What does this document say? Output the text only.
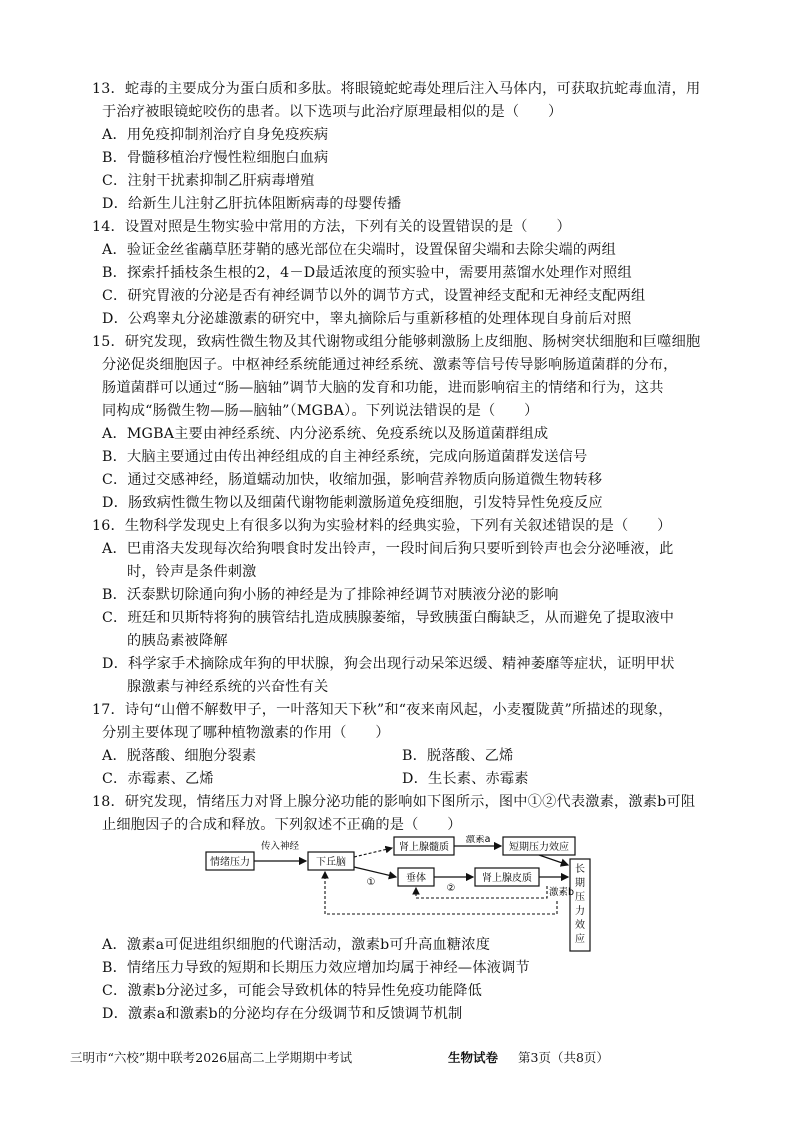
13．蛇毒的主要成分为蛋白质和多肽。将眼镜蛇蛇毒处理后注入马体内，可获取抗蛇毒血清，用
于治疗被眼镜蛇咬伤的患者。以下选项与此治疗原理最相似的是（　　）
A．用免疫抑制剂治疗自身免疫疾病
B．骨髓移植治疗慢性粒细胞白血病
C．注射干扰素抑制乙肝病毒增殖
D．给新生儿注射乙肝抗体阻断病毒的母婴传播
14．设置对照是生物实验中常用的方法，下列有关的设置错误的是（　　）
A．验证金丝雀虉草胚芽鞘的感光部位在尖端时，设置保留尖端和去除尖端的两组
B．探索扦插枝条生根的2，4－D最适浓度的预实验中，需要用蒸馏水处理作对照组
C．研究胃液的分泌是否有神经调节以外的调节方式，设置神经支配和无神经支配两组
D．公鸡睾丸分泌雄激素的研究中，睾丸摘除后与重新移植的处理体现自身前后对照
15．研究发现，致病性微生物及其代谢物或组分能够刺激肠上皮细胞、肠树突状细胞和巨噬细胞
分泌促炎细胞因子。中枢神经系统能通过神经系统、激素等信号传导影响肠道菌群的分布，
肠道菌群可以通过“肠—脑轴”调节大脑的发育和功能，进而影响宿主的情绪和行为，这共
同构成“肠微生物—肠—脑轴”（MGBA）。下列说法错误的是（　　）
A．MGBA主要由神经系统、内分泌系统、免疫系统以及肠道菌群组成
B．大脑主要通过由传出神经组成的自主神经系统，完成向肠道菌群发送信号
C．通过交感神经，肠道蠕动加快，收缩加强，影响营养物质向肠道微生物转移
D．肠致病性微生物以及细菌代谢物能刺激肠道免疫细胞，引发特异性免疫反应
16．生物科学发现史上有很多以狗为实验材料的经典实验，下列有关叙述错误的是（　　）
A．巴甫洛夫发现每次给狗喂食时发出铃声，一段时间后狗只要听到铃声也会分泌唾液，此
时，铃声是条件刺激
B．沃泰默切除通向狗小肠的神经是为了排除神经调节对胰液分泌的影响
C．班廷和贝斯特将狗的胰管结扎造成胰腺萎缩，导致胰蛋白酶缺乏，从而避免了提取液中
的胰岛素被降解
D．科学家手术摘除成年狗的甲状腺，狗会出现行动呆笨迟缓、精神萎靡等症状，证明甲状
腺激素与神经系统的兴奋性有关
17．诗句“山僧不解数甲子，一叶落知天下秋”和“夜来南风起，小麦覆陇黄”所描述的现象，
分别主要体现了哪种植物激素的作用（　　）
A．脱落酸、细胞分裂素	B．脱落酸、乙烯
C．赤霉素、乙烯	D．生长素、赤霉素
18．研究发现，情绪压力对肾上腺分泌功能的影响如下图所示，图中①②代表激素，激素b可阻
止细胞因子的合成和释放。下列叙述不正确的是（　　）
情绪压力	下丘脑
肾上腺髓质	短期压力效应
垂体	肾上腺皮质
长
期
压
力
效
应
传入神经
激素a
①
②	激素b
A．激素a可促进组织细胞的代谢活动，激素b可升高血糖浓度
B．情绪压力导致的短期和长期压力效应增加均属于神经—体液调节
C．激素b分泌过多，可能会导致机体的特异性免疫功能降低
D．激素a和激素b的分泌均存在分级调节和反馈调节机制
三明市“六校”期中联考2026届高二上学期期中考试	生物试卷 第3页（共8页）
